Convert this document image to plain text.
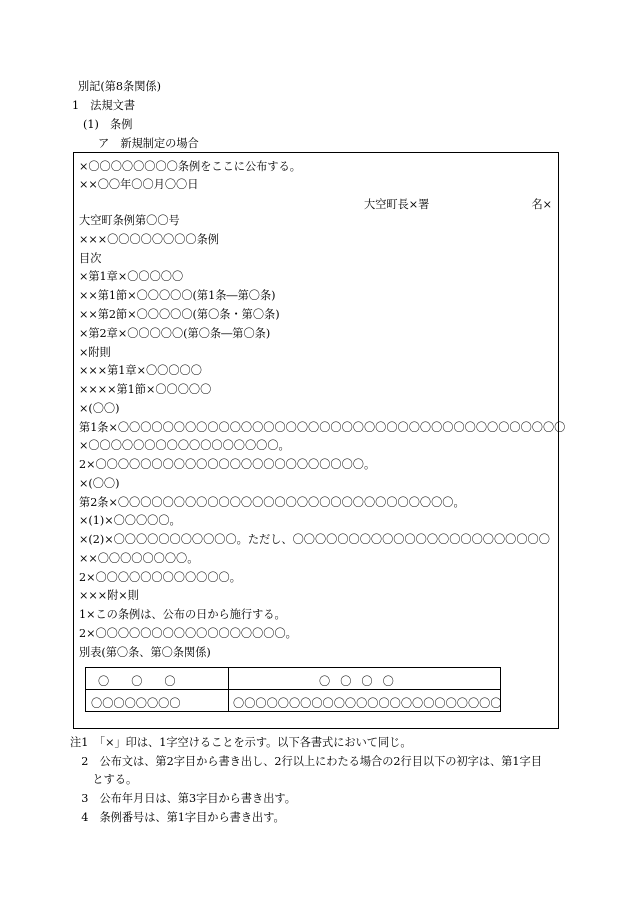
別記(第8条関係)
1　法規文書
(1)　条例
ア　新規制定の場合
×〇〇〇〇〇〇〇〇条例をここに公布する。
××〇〇年〇〇月〇〇日
大空町長×署	名×
大空町条例第〇〇号
×××〇〇〇〇〇〇〇〇条例
目次
×第1章×〇〇〇〇〇
××第1節×〇〇〇〇〇(第1条―第〇条)
××第2節×〇〇〇〇〇(第〇条・第〇条)
×第2章×〇〇〇〇〇(第〇条―第〇条)
×附則
×××第1章×〇〇〇〇〇
××××第1節×〇〇〇〇〇
×(〇〇)
第1条×〇〇〇〇〇〇〇〇〇〇〇〇〇〇〇〇〇〇〇〇〇〇〇〇〇〇〇〇〇〇〇〇〇〇〇〇〇〇〇〇
×〇〇〇〇〇〇〇〇〇〇〇〇〇〇〇〇〇。
2×〇〇〇〇〇〇〇〇〇〇〇〇〇〇〇〇〇〇〇〇〇〇〇〇。
×(〇〇)
第2条×〇〇〇〇〇〇〇〇〇〇〇〇〇〇〇〇〇〇〇〇〇〇〇〇〇〇〇〇〇〇。
×(1)×〇〇〇〇〇。
×(2)×〇〇〇〇〇〇〇〇〇〇〇。ただし、〇〇〇〇〇〇〇〇〇〇〇〇〇〇〇〇〇〇〇〇〇〇〇
××〇〇〇〇〇〇〇〇。
2×〇〇〇〇〇〇〇〇〇〇〇〇。
×××附×則
1×この条例は、公布の日から施行する。
2×〇〇〇〇〇〇〇〇〇〇〇〇〇〇〇〇〇。
別表(第〇条、第〇条関係)
〇〇〇	〇〇〇〇
〇〇〇〇〇〇〇〇	〇〇〇〇〇〇〇〇〇〇〇〇〇〇〇〇〇〇〇〇〇〇〇〇
注1　「×」印は、1字空けることを示す。以下各書式において同じ。
　2　公布文は、第2字目から書き出し、2行以上にわたる場合の2行目以下の初字は、第1字目
　　とする。
　3　公布年月日は、第3字目から書き出す。
　4　条例番号は、第1字目から書き出す。
